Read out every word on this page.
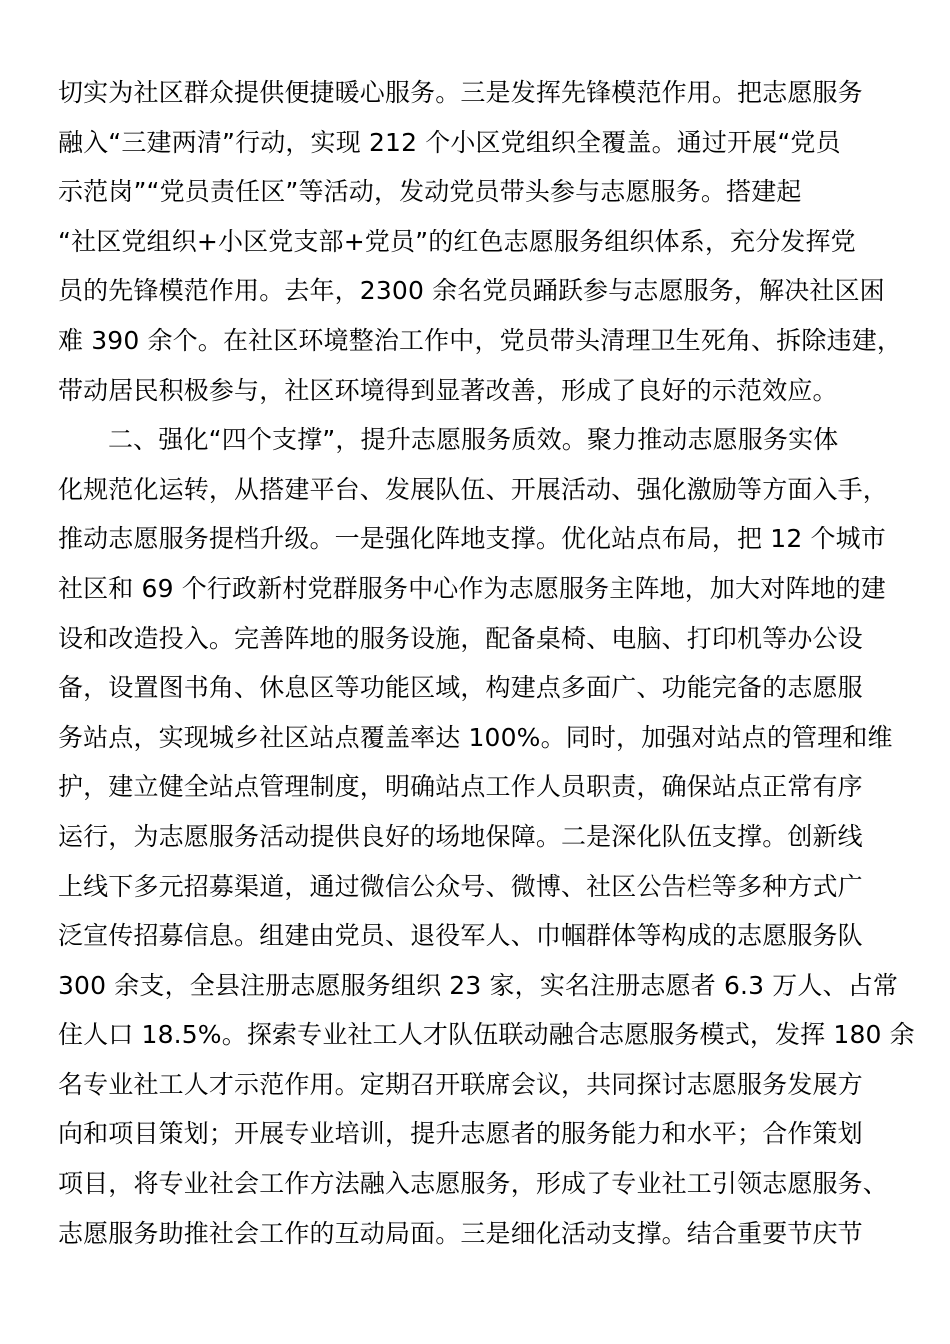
切实为社区群众提供便捷暖心服务。三是发挥先锋模范作用。把志愿服务
融入“三建两清”行动，实现 212 个小区党组织全覆盖。通过开展“党员
示范岗”“党员责任区”等活动，发动党员带头参与志愿服务。搭建起
“社区党组织+小区党支部+党员”的红色志愿服务组织体系，充分发挥党
员的先锋模范作用。去年，2300 余名党员踊跃参与志愿服务，解决社区困
难 390 余个。在社区环境整治工作中，党员带头清理卫生死角、拆除违建，
带动居民积极参与，社区环境得到显著改善，形成了良好的示范效应。
二、强化“四个支撑”，提升志愿服务质效。聚力推动志愿服务实体
化规范化运转，从搭建平台、发展队伍、开展活动、强化激励等方面入手，
推动志愿服务提档升级。一是强化阵地支撑。优化站点布局，把 12 个城市
社区和 69 个行政新村党群服务中心作为志愿服务主阵地，加大对阵地的建
设和改造投入。完善阵地的服务设施，配备桌椅、电脑、打印机等办公设
备，设置图书角、休息区等功能区域，构建点多面广、功能完备的志愿服
务站点，实现城乡社区站点覆盖率达 100%。同时，加强对站点的管理和维
护，建立健全站点管理制度，明确站点工作人员职责，确保站点正常有序
运行，为志愿服务活动提供良好的场地保障。二是深化队伍支撑。创新线
上线下多元招募渠道，通过微信公众号、微博、社区公告栏等多种方式广
泛宣传招募信息。组建由党员、退役军人、巾帼群体等构成的志愿服务队
300 余支，全县注册志愿服务组织 23 家，实名注册志愿者 6.3 万人、占常
住人口 18.5%。探索专业社工人才队伍联动融合志愿服务模式，发挥 180 余
名专业社工人才示范作用。定期召开联席会议，共同探讨志愿服务发展方
向和项目策划；开展专业培训，提升志愿者的服务能力和水平；合作策划
项目，将专业社会工作方法融入志愿服务，形成了专业社工引领志愿服务、
志愿服务助推社会工作的互动局面。三是细化活动支撑。结合重要节庆节
